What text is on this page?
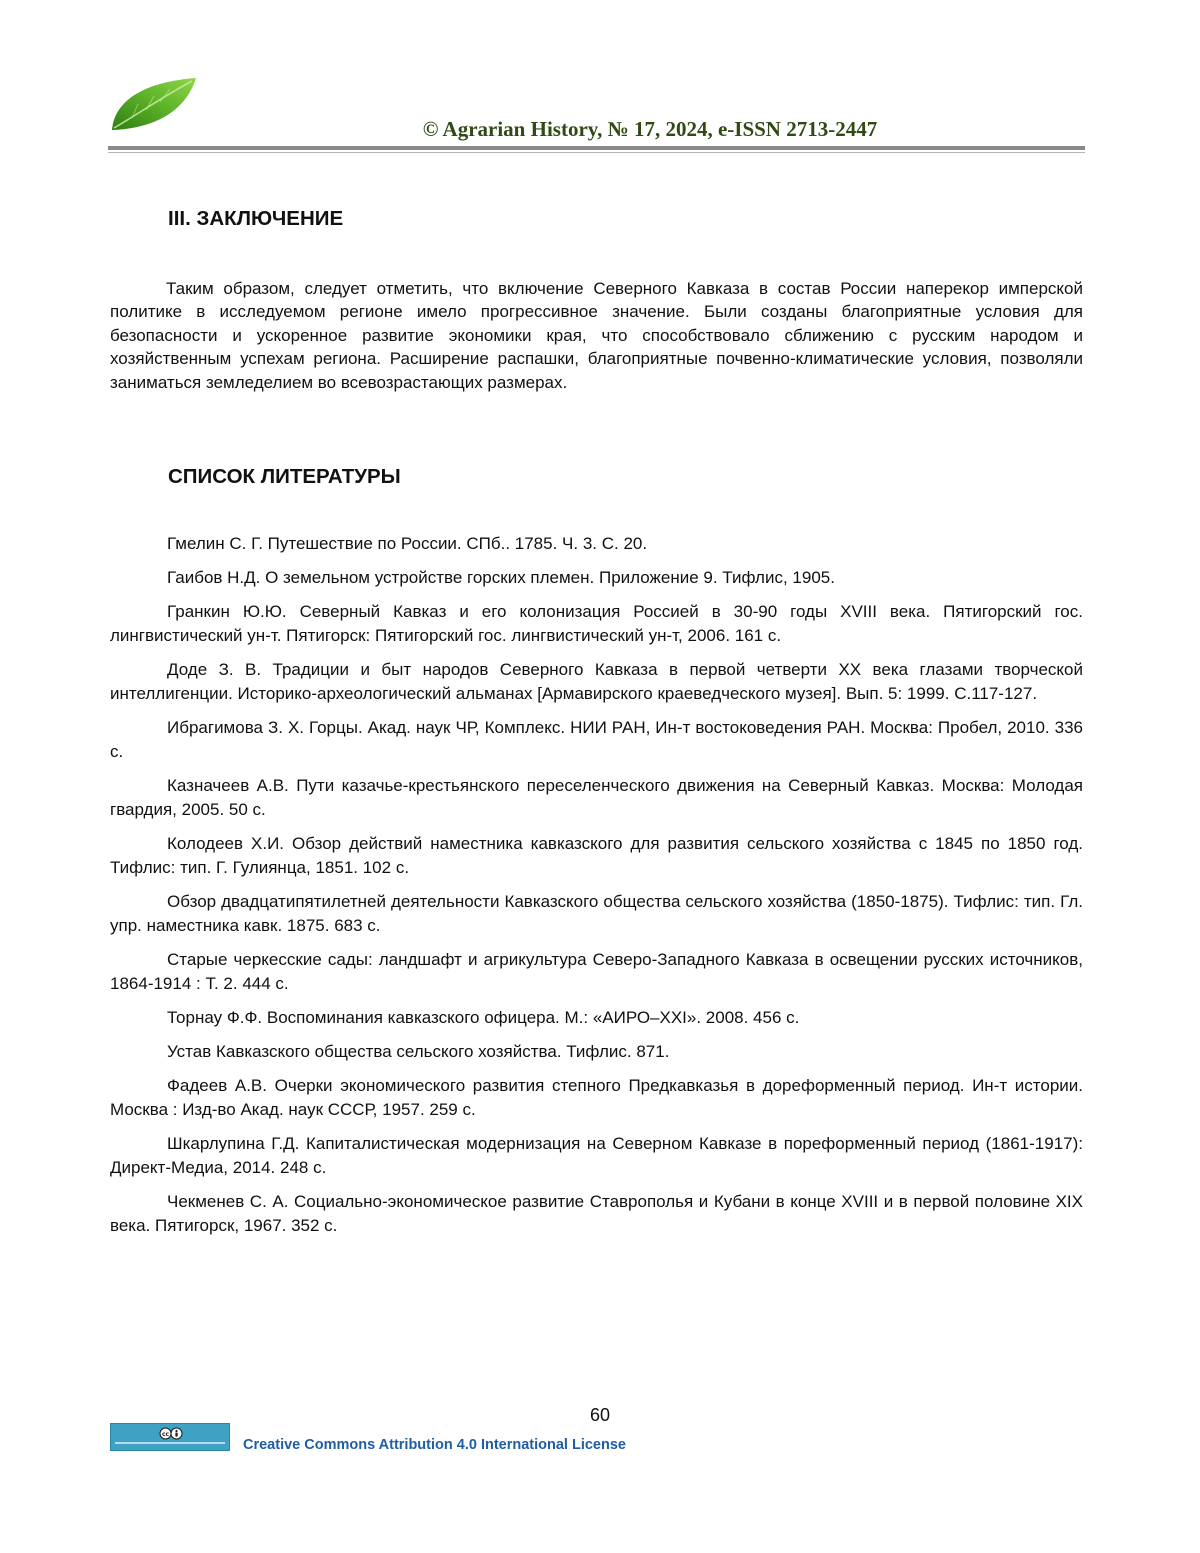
© Agrarian History, № 17, 2024, e-ISSN 2713-2447
III. ЗАКЛЮЧЕНИЕ

Таким образом, следует отметить, что включение Северного Кавказа в состав России наперекор имперской политике в исследуемом регионе имело прогрессивное значение. Были созданы благоприятные условия для безопасности и ускоренное развитие экономики края, что способствовало сближению с русским народом и хозяйственным успехам региона. Расширение распашки, благоприятные почвенно-климатические условия, позволяли заниматься земледелием во всевозрастающих размерах.

СПИСОК ЛИТЕРАТУРЫ
Гмелин С. Г. Путешествие по России. СПб.. 1785. Ч. 3. С. 20.
Гаибов Н.Д. О земельном устройстве горских племен. Приложение 9. Тифлис, 1905.
Гранкин Ю.Ю. Северный Кавказ и его колонизация Россией в 30-90 годы XVIII века. Пятигорский гос. лингвистический ун-т. Пятигорск: Пятигорский гос. лингвистический ун-т, 2006. 161 с.
Доде З. В. Традиции и быт народов Северного Кавказа в первой четверти XX века глазами творческой интеллигенции. Историко-археологический альманах [Армавирского краеведческого музея]. Вып. 5: 1999. С.117-127.
Ибрагимова З. Х. Горцы. Акад. наук ЧР, Комплекс. НИИ РАН, Ин-т востоковедения РАН. Москва: Пробел, 2010. 336 с.
Казначеев А.В. Пути казачье-крестьянского переселенческого движения на Северный Кавказ. Москва: Молодая гвардия, 2005. 50 с.
Колодеев Х.И. Обзор действий наместника кавказского для развития сельского хозяйства с 1845 по 1850 год. Тифлис: тип. Г. Гулиянца, 1851. 102 с.
Обзор двадцатипятилетней деятельности Кавказского общества сельского хозяйства (1850-1875). Тифлис: тип. Гл. упр. наместника кавк. 1875. 683 с.
Старые черкесские сады: ландшафт и агрикультура Северо-Западного Кавказа в освещении русских источников, 1864-1914 : Т. 2. 444 с.
Торнау Ф.Ф. Воспоминания кавказского офицера. М.: «АИРО–XXI». 2008. 456 с.
Устав Кавказского общества сельского хозяйства. Тифлис. 871.
Фадеев А.В. Очерки экономического развития степного Предкавказья в дореформенный период. Ин-т истории. Москва : Изд-во Акад. наук СССР, 1957. 259 с.
Шкарлупина Г.Д. Капиталистическая модернизация на Северном Кавказе в пореформенный период (1861-1917): Директ-Медиа, 2014. 248 с.
Чекменев С. А. Социально-экономическое развитие Ставрополья и Кубани в конце XVIII и в первой половине XIX века. Пятигорск, 1967. 352 с.
60
cc
Creative Commons Attribution 4.0 International License
